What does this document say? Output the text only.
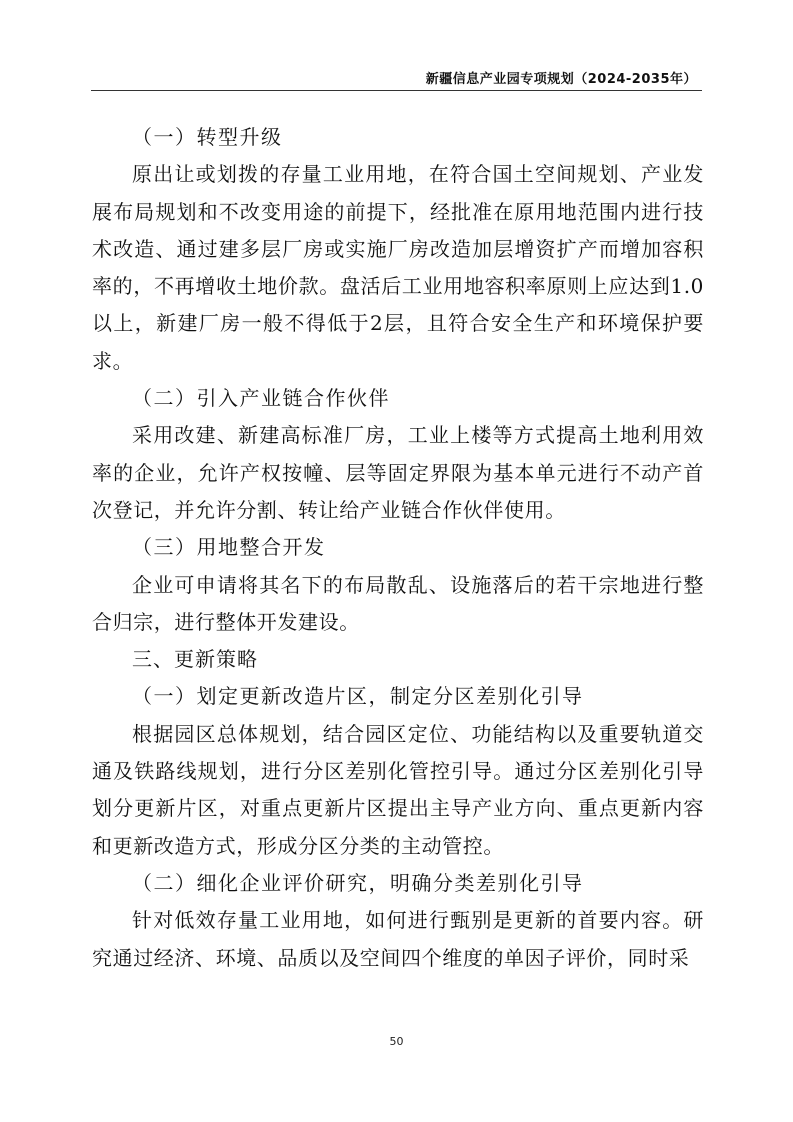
新疆信息产业园专项规划（2024-2035年）

（一）转型升级

原出让或划拨的存量工业用地，在符合国土空间规划、产业发展布局规划和不改变用途的前提下，经批准在原用地范围内进行技术改造、通过建多层厂房或实施厂房改造加层增资扩产而增加容积率的，不再增收土地价款。盘活后工业用地容积率原则上应达到1.0以上，新建厂房一般不得低于2层，且符合安全生产和环境保护要求。

（二）引入产业链合作伙伴

采用改建、新建高标准厂房，工业上楼等方式提高土地利用效率的企业，允许产权按幢、层等固定界限为基本单元进行不动产首次登记，并允许分割、转让给产业链合作伙伴使用。

（三）用地整合开发

企业可申请将其名下的布局散乱、设施落后的若干宗地进行整合归宗，进行整体开发建设。

三、更新策略

（一）划定更新改造片区，制定分区差别化引导

根据园区总体规划，结合园区定位、功能结构以及重要轨道交通及铁路线规划，进行分区差别化管控引导。通过分区差别化引导划分更新片区，对重点更新片区提出主导产业方向、重点更新内容和更新改造方式，形成分区分类的主动管控。

（二）细化企业评价研究，明确分类差别化引导

针对低效存量工业用地，如何进行甄别是更新的首要内容。研究通过经济、环境、品质以及空间四个维度的单因子评价，同时采

50
